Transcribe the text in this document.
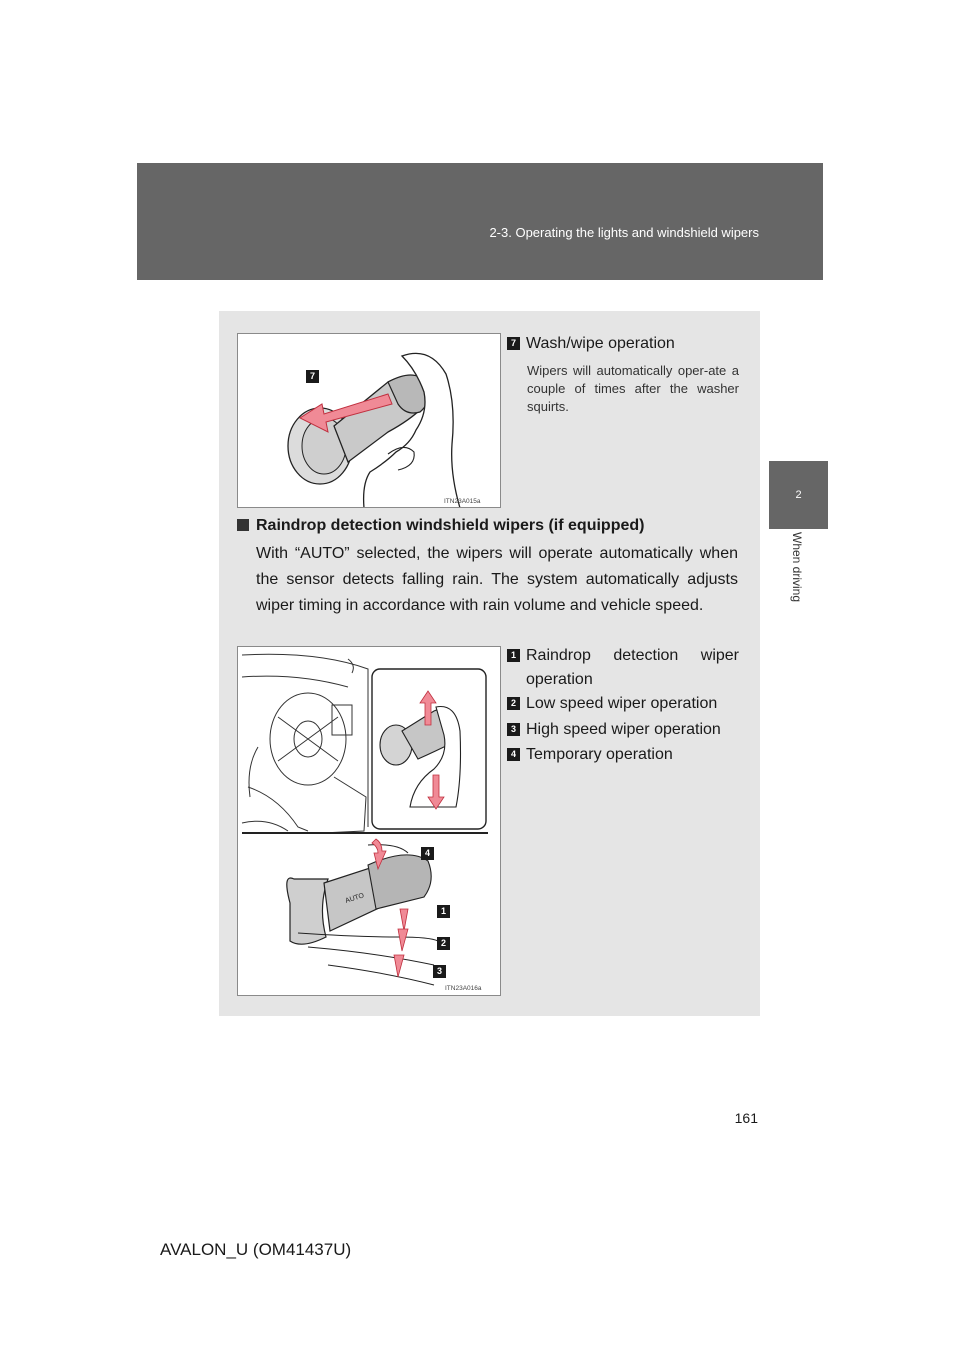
2-3. Operating the lights and windshield wipers
2
When driving
7
ITN23A015a
7 Wash/wipe operation
Wipers will automatically oper-ate a couple of times after the washer squirts.
Raindrop detection windshield wipers (if equipped)
With “AUTO” selected, the wipers will operate automatically when the sensor detects falling rain. The system automatically adjusts wiper timing in accordance with rain volume and vehicle speed.
AUTO
4
1
2
3
ITN23A016a
1 Raindrop detection wiper operation
2 Low speed wiper operation
3 High speed wiper operation
4 Temporary operation
161
AVALON_U (OM41437U)
